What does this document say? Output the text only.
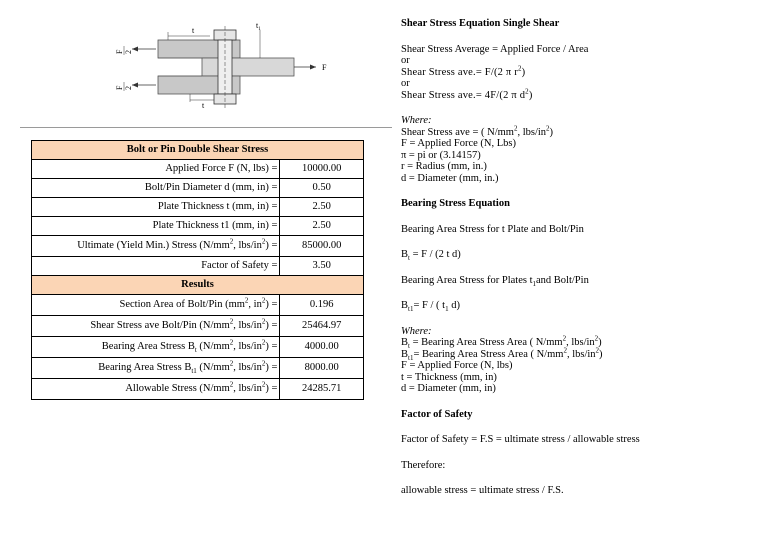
t
$t_1$
t
F
F 2
F 2
Bolt or Pin Double Shear Stress	
Applied Force F (N, lbs) =	10000.00
Bolt/Pin Diameter d (mm, in) =	0.50
Plate Thickness t (mm, in) =	2.50
Plate Thickness t1 (mm, in) =	2.50
Ultimate (Yield Min.) Stress ($N/mm^2$, lbs/$in^2$) =	85000.00
Factor of Safety =	3.50
Results	
Section Area of Bolt/Pin ($mm^2$, $in^2$) =	0.196
Shear Stress ave Bolt/Pin ($N/mm^2$, lbs/$in^2$) =	25464.97
Bearing Area Stress $B_t$ ($N/mm^2$, lbs/$in^2$) =	4000.00
Bearing Area Stress $B_{t1}$ ($N/mm^2$, lbs/$in^2$) =	8000.00
Allowable Stress ($N/mm^2$, lbs/$in^2$) =	24285.71

Shear Stress Equation Single Shear

Shear Stress Average = Applied Force / Area

or

Shear Stress ave.= F/(2 π $r^2$)

or

Shear Stress ave.= 4F/(2 π $d^2$)

Where:

Shear Stress ave = ( $N/mm^2$, lbs/$in^2$)

F = Applied Force (N, Lbs)

π = pi or (3.14157)

r = Radius (mm, in.)

d = Diameter (mm, in.)

Bearing Stress Equation

Bearing Area Stress for t Plate and Bolt/Pin

$B_t = F / (2$ t d)

Bearing Area Stress for Plates $t_1and$ Bolt/Pin

$B_{t1}= F$ / ( $t_1$ d)

Where:

$B_t$ = Bearing Area Stress Area ( $N/mm^2$, lbs/$in^2$)

$B_{t1}=$ Bearing Area Stress Area ( $N/mm^2$, lbs/$in^2$)

F = Applied Force (N, lbs)

t = Thickness (mm, in)

d = Diameter (mm, in)

Factor of Safety

Factor of Safety = F.S = ultimate stress / allowable stress

Therefore:

allowable stress = ultimate stress / F.S.
